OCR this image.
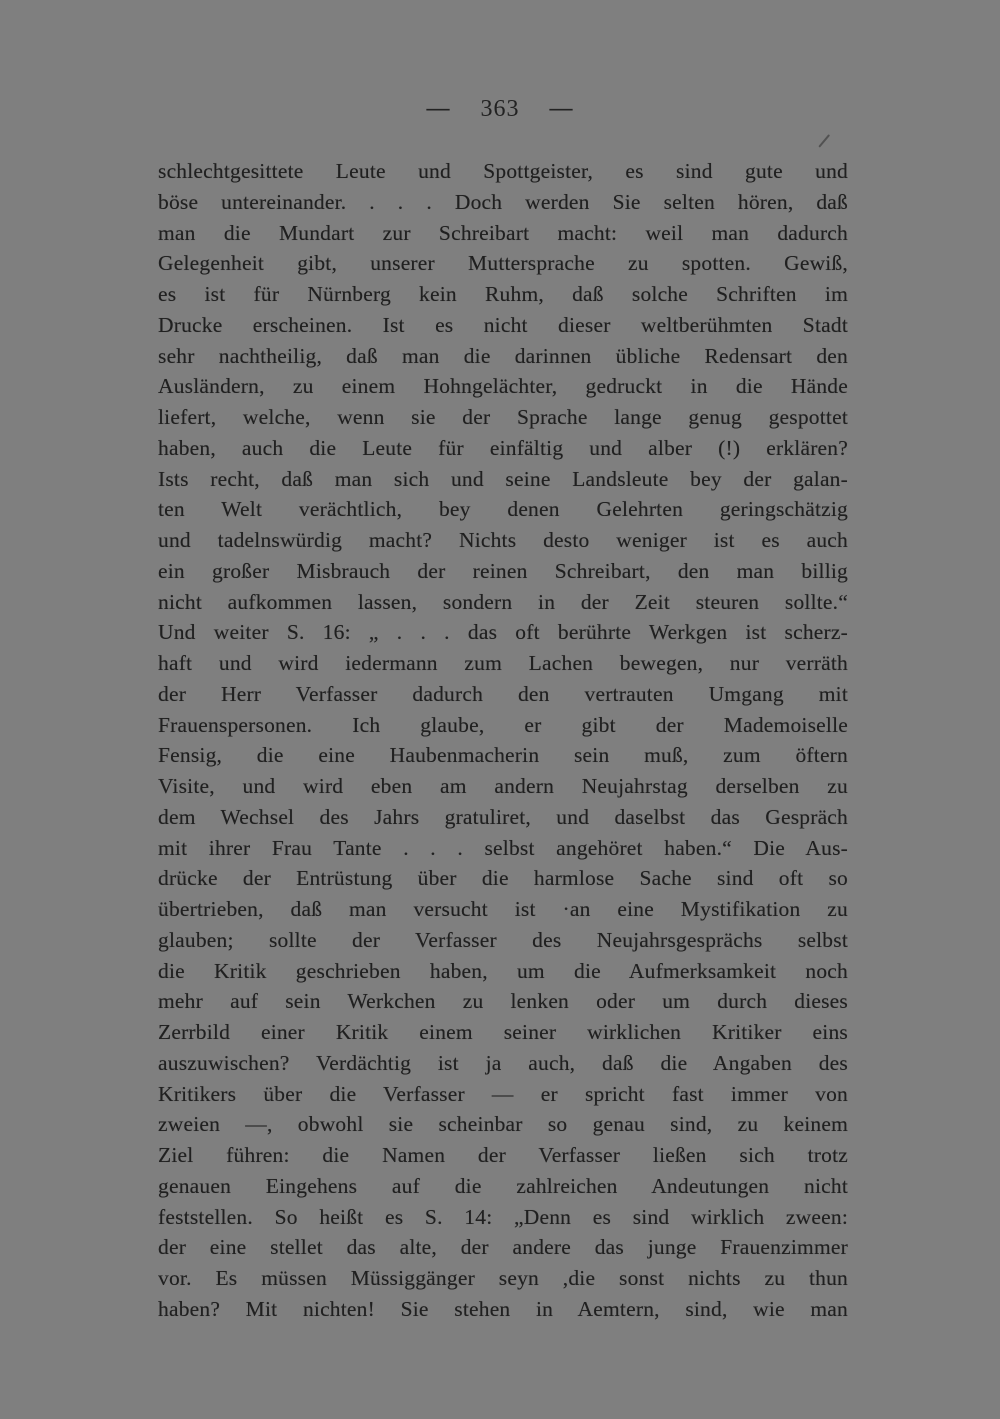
— 363 —
schlechtgesittete Leute und Spottgeister, es sind gute und
böse untereinander. . . . Doch werden Sie selten hören, daß
man die Mundart zur Schreibart macht: weil man dadurch
Gelegenheit gibt, unserer Muttersprache zu spotten. Gewiß,
es ist für Nürnberg kein Ruhm, daß solche Schriften im
Drucke erscheinen. Ist es nicht dieser weltberühmten Stadt
sehr nachtheilig, daß man die darinnen übliche Redensart den
Ausländern, zu einem Hohngelächter, gedruckt in die Hände
liefert, welche, wenn sie der Sprache lange genug gespottet
haben, auch die Leute für einfältig und alber (!) erklären?
Ists recht, daß man sich und seine Landsleute bey der galan-
ten Welt verächtlich, bey denen Gelehrten geringschätzig
und tadelnswürdig macht? Nichts desto weniger ist es auch
ein großer Misbrauch der reinen Schreibart, den man billig
nicht aufkommen lassen, sondern in der Zeit steuren sollte.“
Und weiter S. 16: „ . . . das oft berührte Werkgen ist scherz-
haft und wird iedermann zum Lachen bewegen, nur verräth
der Herr Verfasser dadurch den vertrauten Umgang mit
Frauenspersonen. Ich glaube, er gibt der Mademoiselle
Fensig, die eine Haubenmacherin sein muß, zum öftern
Visite, und wird eben am andern Neujahrstag derselben zu
dem Wechsel des Jahrs gratuliret, und daselbst das Gespräch
mit ihrer Frau Tante . . . selbst angehöret haben.“ Die Aus-
drücke der Entrüstung über die harmlose Sache sind oft so
übertrieben, daß man versucht ist ·an eine Mystifikation zu
glauben; sollte der Verfasser des Neujahrsgesprächs selbst
die Kritik geschrieben haben, um die Aufmerksamkeit noch
mehr auf sein Werkchen zu lenken oder um durch dieses
Zerrbild einer Kritik einem seiner wirklichen Kritiker eins
auszuwischen? Verdächtig ist ja auch, daß die Angaben des
Kritikers über die Verfasser — er spricht fast immer von
zweien —, obwohl sie scheinbar so genau sind, zu keinem
Ziel führen: die Namen der Verfasser ließen sich trotz
genauen Eingehens auf die zahlreichen Andeutungen nicht
feststellen. So heißt es S. 14: „Denn es sind wirklich zween:
der eine stellet das alte, der andere das junge Frauenzimmer
vor. Es müssen Müssiggänger seyn ,die sonst nichts zu thun
haben? Mit nichten! Sie stehen in Aemtern, sind, wie man
